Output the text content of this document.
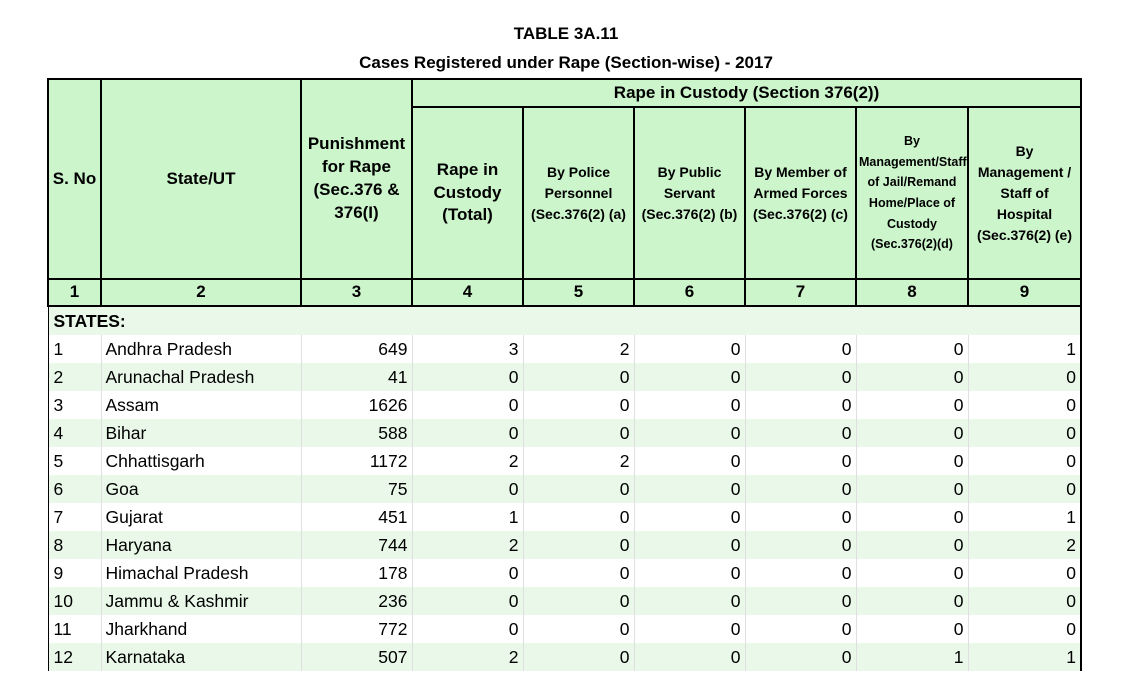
TABLE 3A.11
Cases Registered under Rape (Section-wise) - 2017
S. No	State/UT	Punishment for Rape (Sec.376 & 376(I)	Rape in Custody (Section 376(2))					
			Rape in Custody (Total)	By Police Personnel (Sec.376(2) (a)	By Public Servant (Sec.376(2) (b)	By Member of Armed Forces (Sec.376(2) (c)	By Management/Staff of Jail/Remand Home/Place of Custody (Sec.376(2)(d)	By Management / Staff of Hospital (Sec.376(2) (e)
1	2	3	4	5	6	7	8	9
STATES:								
1	Andhra Pradesh	649	3	2	0	0	0	1
2	Arunachal Pradesh	41	0	0	0	0	0	0
3	Assam	1626	0	0	0	0	0	0
4	Bihar	588	0	0	0	0	0	0
5	Chhattisgarh	1172	2	2	0	0	0	0
6	Goa	75	0	0	0	0	0	0
7	Gujarat	451	1	0	0	0	0	1
8	Haryana	744	2	0	0	0	0	2
9	Himachal Pradesh	178	0	0	0	0	0	0
10	Jammu & Kashmir	236	0	0	0	0	0	0
11	Jharkhand	772	0	0	0	0	0	0
12	Karnataka	507	2	0	0	0	1	1
